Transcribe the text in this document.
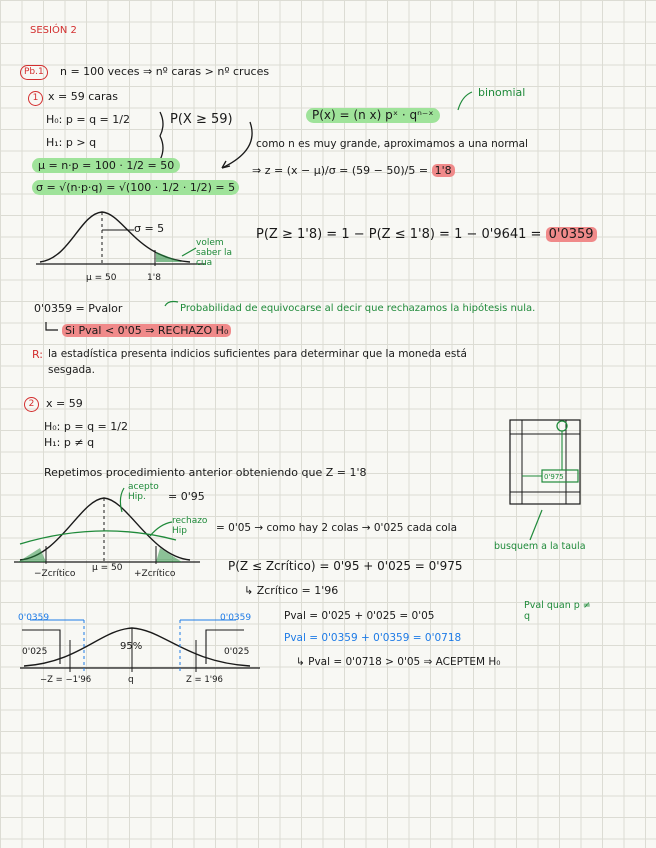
SESIÓN 2
Pb.1	n = 100 veces ⇒ nº caras > nº cruces
1 x = 59 caras
H₀: p = q = 1/2
H₁: p > q
P(X ≥ 59)	P(x) = (n x) pˣ · qⁿ⁻ˣ
binomial
como n es muy grande, aproximamos a una normal
μ = n·p = 100 · 1/2 = 50
σ = √(n·p·q) = √(100 · 1/2 · 1/2) = 5
⇒ z = (x − μ)/σ = (59 − 50)/5 = 1'8
σ = 5
μ = 50	1'8
volem saber la cua
P(Z ≥ 1'8) = 1 − P(Z ≤ 1'8) = 1 − 0'9641 = 0'0359
0'0359 = Pvalor	Probabilidad de equivocarse al decir que rechazamos la hipótesis nula.
Si Pval < 0'05 ⇒ RECHAZO H₀
R: la estadística presenta indicios suficientes para determinar que la moneda está
sesgada.
2	x = 59
H₀: p = q = 1/2
H₁: p ≠ q
Repetimos procedimiento anterior obteniendo que Z = 1'8
acepto Hip.	= 0'95
rechazo Hip	= 0'05 → como hay 2 colas → 0'025 cada cola
−Zcrítico
μ = 50
+Zcrítico
P(Z ≤ Zcrítico) = 0'95 + 0'025 = 0'975
↳ Zcrítico = 1'96
busquem a la taula
0'975
0'0359	0'0359
0'025	0'025
95%
−Z = −1'96	q	Z = 1'96
Pval = 0'025 + 0'025 = 0'05
Pval quan p ≠ q
Pval = 0'0359 + 0'0359 = 0'0718
↳ Pval = 0'0718 > 0'05 ⇒ ACEPTEM H₀
